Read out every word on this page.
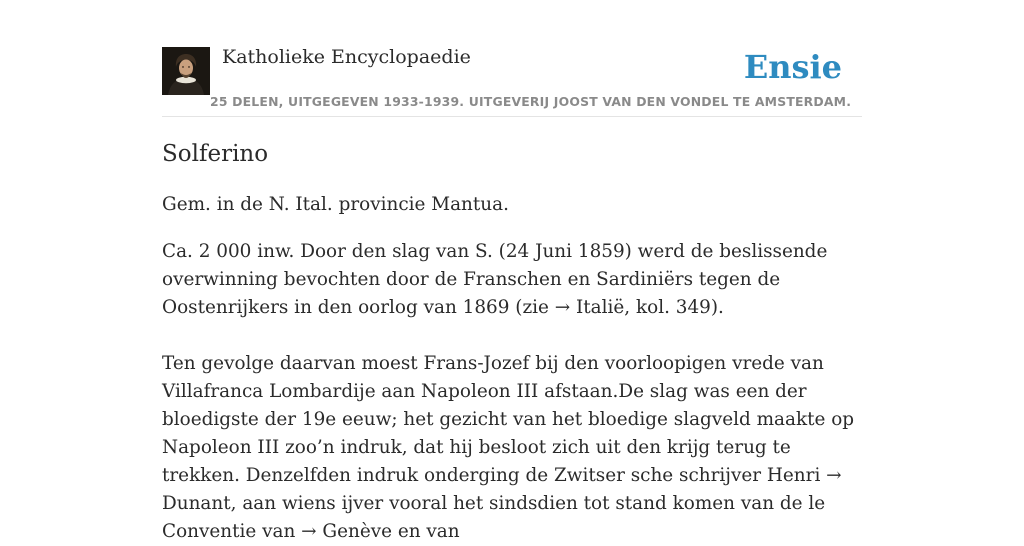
Katholieke Encyclopaedie
25 DELEN, UITGEGEVEN 1933-1939. UITGEVERIJ JOOST VAN DEN VONDEL TE AMSTERDAM.
Ensie
Solferino

Gem. in de N. Ital. provincie Mantua.

Ca. 2 000 inw. Door den slag van S. (24 Juni 1859) werd de beslissende overwinning bevochten door de Franschen en Sardiniërs tegen de Oostenrijkers in den oorlog van 1869 (zie → Italië, kol. 349).

Ten gevolge daarvan moest Frans-Jozef bij den voorloopigen vrede van Villafranca Lombardije aan Napoleon III afstaan.De slag was een der bloedigste der 19e eeuw; het gezicht van het bloedige slagveld maakte op Napoleon III zoo’n indruk, dat hij besloot zich uit den krijg terug te trekken. Denzelfden indruk onderging de Zwitser sche schrijver Henri → Dunant, aan wiens ijver vooral het sindsdien tot stand komen van de le Conventie van → Genève en van
